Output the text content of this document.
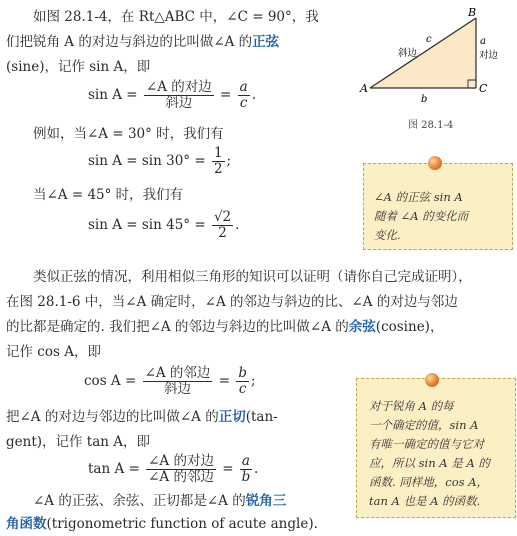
如图 28.1-4，在 Rt△ABC 中，∠C = 90°，我
们把锐角 A 的对边与斜边的比叫做∠A 的正弦
(sine)，记作 sin A，即
$\sin A = \frac{\text{∠A 的对边}}{\text{斜边}} = \frac{a}{c}$ .
例如，当∠A = 30° 时，我们有
$\sin A = \sin 30^\circ = \frac{1}{2}$ ;
当∠A = 45° 时，我们有
$\sin A = \sin 45^\circ = \frac{√2}{2}$ .
类似正弦的情况，利用相似三角形的知识可以证明（请你自己完成证明），
在图 28.1-6 中，当∠A 确定时，∠A 的邻边与斜边的比、∠A 的对边与邻边
的比都是确定的. 我们把∠A 的邻边与斜边的比叫做∠A 的余弦(cosine)，
记作 cos A，即
$\cos A = \frac{\text{∠A 的邻边}}{\text{斜边}} = \frac{b}{c}$ ;
把∠A 的对边与邻边的比叫做∠A 的正切(tan-
gent)，记作 tan A，即
$\tan A = \frac{\text{∠A 的对边}}{\text{∠A 的邻边}} = \frac{a}{b}$ .
∠A 的正弦、余弦、正切都是∠A 的锐角三
角函数(trigonometric function of acute angle).
A
B
C
c
斜边
a
对边
b
图 28.1-4
∠A 的正弦 sin A
随着 ∠A 的变化而
变化.
对于锐角 A 的每
一个确定的值，sin A
有唯一确定的值与它对
应，所以 sin A 是 A 的
函数. 同样地，cos A，
tan A 也是 A 的函数.
